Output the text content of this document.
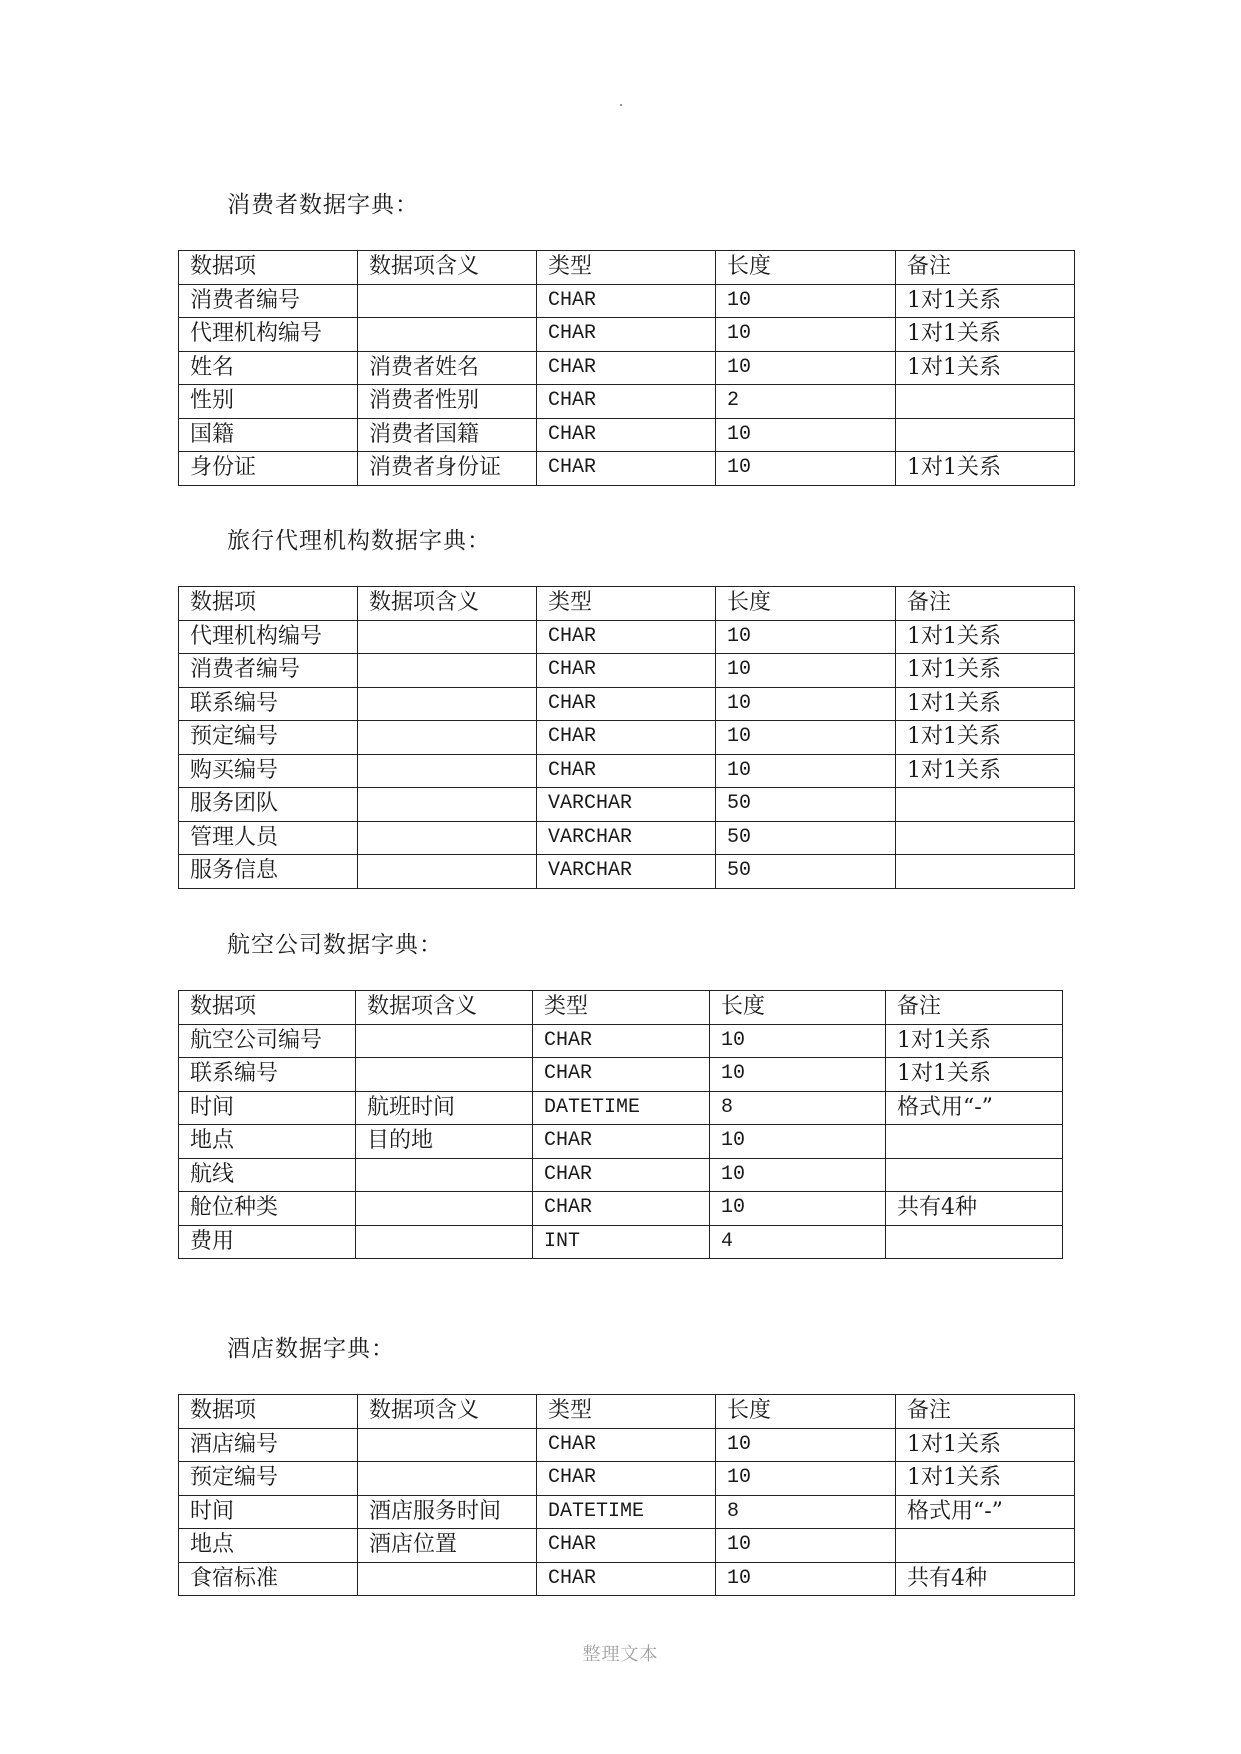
消费者数据字典：
数据项	数据项含义	类型	长度	备注
消费者编号		CHAR	10	1对1关系
代理机构编号		CHAR	10	1对1关系
姓名	消费者姓名	CHAR	10	1对1关系
性别	消费者性别	CHAR	2	
国籍	消费者国籍	CHAR	10	
身份证	消费者身份证	CHAR	10	1对1关系
旅行代理机构数据字典：
数据项	数据项含义	类型	长度	备注
代理机构编号		CHAR	10	1对1关系
消费者编号		CHAR	10	1对1关系
联系编号		CHAR	10	1对1关系
预定编号		CHAR	10	1对1关系
购买编号		CHAR	10	1对1关系
服务团队		VARCHAR	50	
管理人员		VARCHAR	50	
服务信息		VARCHAR	50	
航空公司数据字典：
数据项	数据项含义	类型	长度	备注
航空公司编号		CHAR	10	1对1关系
联系编号		CHAR	10	1对1关系
时间	航班时间	DATETIME	8	格式用“-”
地点	目的地	CHAR	10	
航线		CHAR	10	
舱位种类		CHAR	10	共有4种
费用		INT	4	
酒店数据字典：
数据项	数据项含义	类型	长度	备注
酒店编号		CHAR	10	1对1关系
预定编号		CHAR	10	1对1关系
时间	酒店服务时间	DATETIME	8	格式用“-”
地点	酒店位置	CHAR	10	
食宿标准		CHAR	10	共有4种
整理文本
